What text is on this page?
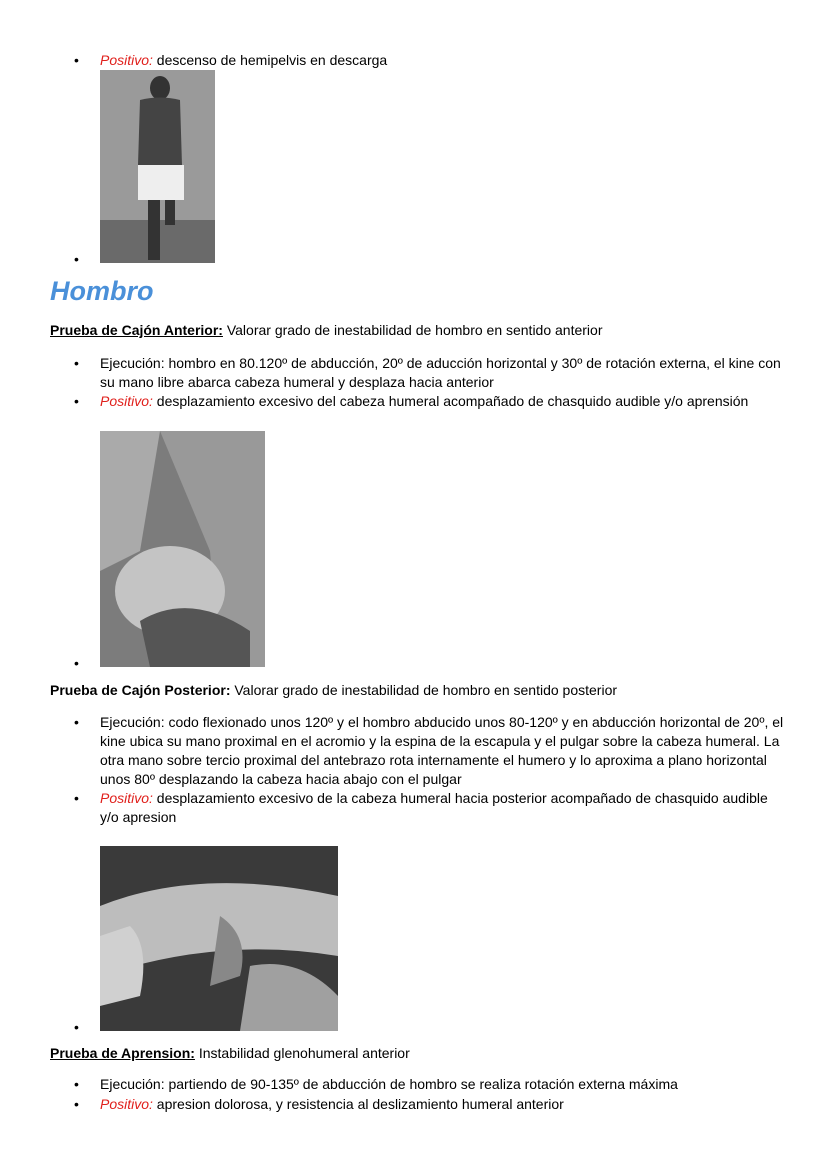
• Positivo: descenso de hemipelvis en descarga
•
Hombro
Prueba de Cajón Anterior: Valorar grado de inestabilidad de hombro en sentido anterior
• Ejecución: hombro en 80.120º de abducción, 20º de aducción horizontal y 30º de rotación externa, el kine con su mano libre abarca cabeza humeral y desplaza hacia anterior
• Positivo: desplazamiento excesivo del cabeza humeral acompañado de chasquido audible y/o aprensión
•
Prueba de Cajón Posterior: Valorar grado de inestabilidad de hombro en sentido posterior
• Ejecución: codo flexionado unos 120º y el hombro abducido unos 80-120º y en abducción horizontal de 20º, el kine ubica su mano proximal en el acromio y la espina de la escapula y el pulgar sobre la cabeza humeral. La otra mano sobre tercio proximal del antebrazo rota internamente el humero y lo aproxima a plano horizontal unos 80º desplazando la cabeza hacia abajo con el pulgar
• Positivo: desplazamiento excesivo de la cabeza humeral hacia posterior acompañado de chasquido audible y/o apresion
•
Prueba de Aprension: Instabilidad glenohumeral anterior
• Ejecución: partiendo de 90-135º de abducción de hombro se realiza rotación externa máxima
• Positivo: apresion dolorosa, y resistencia al deslizamiento humeral anterior
